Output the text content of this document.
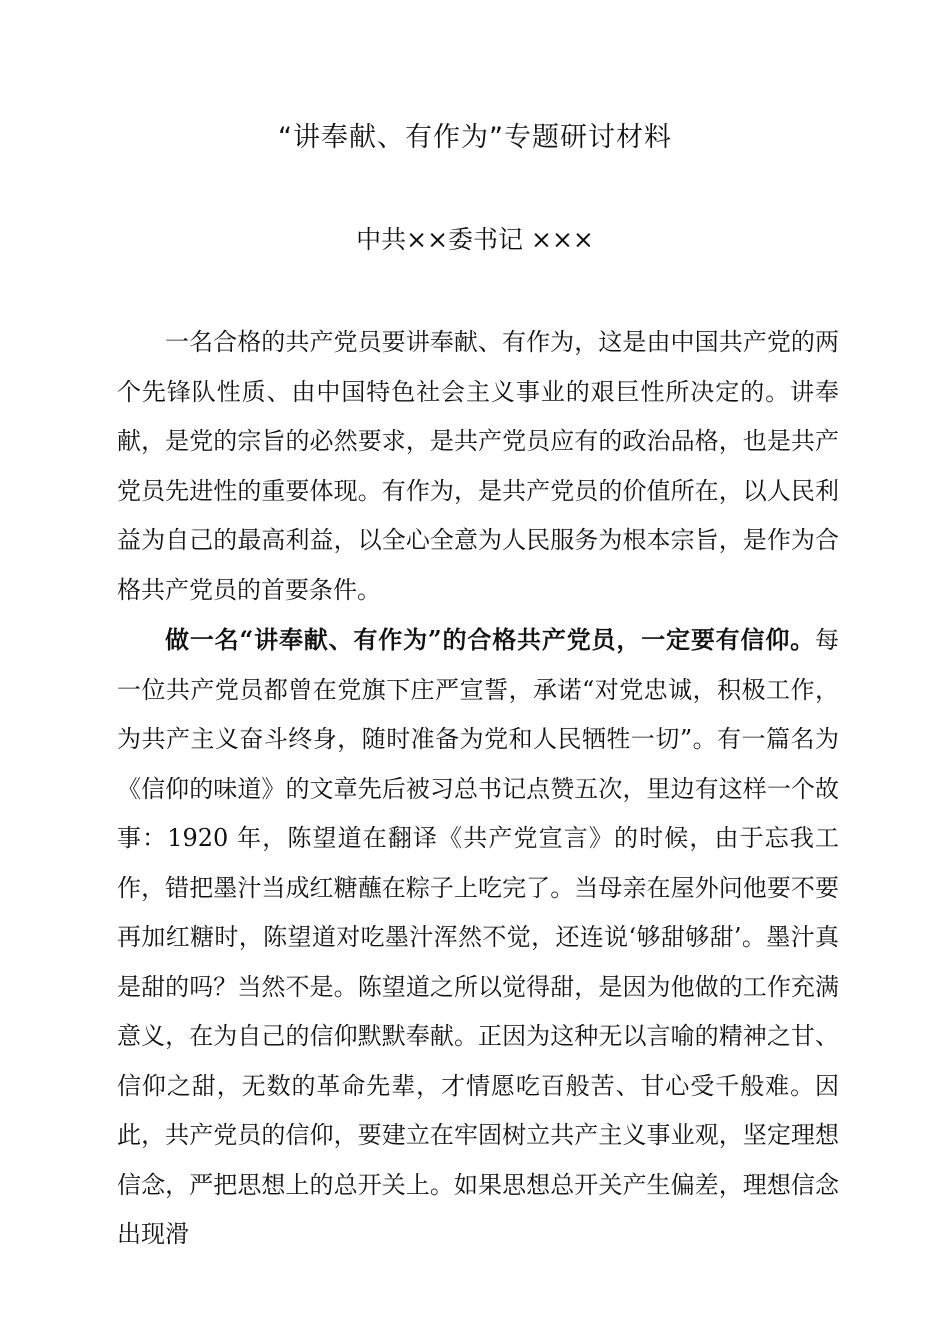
“讲奉献、有作为”专题研讨材料
中共××委书记 ×××

一名合格的共产党员要讲奉献、有作为，这是由中国共产党的两个先锋队性质、由中国特色社会主义事业的艰巨性所决定的。讲奉献，是党的宗旨的必然要求，是共产党员应有的政治品格，也是共产党员先进性的重要体现。有作为，是共产党员的价值所在，以人民利益为自己的最高利益，以全心全意为人民服务为根本宗旨，是作为合格共产党员的首要条件。

做一名“讲奉献、有作为”的合格共产党员，一定要有信仰。每一位共产党员都曾在党旗下庄严宣誓，承诺“对党忠诚，积极工作，为共产主义奋斗终身，随时准备为党和人民牺牲一切”。有一篇名为《信仰的味道》的文章先后被习总书记点赞五次，里边有这样一个故事：1920 年，陈望道在翻译《共产党宣言》的时候，由于忘我工作，错把墨汁当成红糖蘸在粽子上吃完了。当母亲在屋外问他要不要再加红糖时，陈望道对吃墨汁浑然不觉，还连说‘够甜够甜’。墨汁真是甜的吗？当然不是。陈望道之所以觉得甜，是因为他做的工作充满意义，在为自己的信仰默默奉献。正因为这种无以言喻的精神之甘、信仰之甜，无数的革命先辈，才情愿吃百般苦、甘心受千般难。因此，共产党员的信仰，要建立在牢固树立共产主义事业观，坚定理想信念，严把思想上的总开关上。如果思想总开关产生偏差，理想信念出现滑
